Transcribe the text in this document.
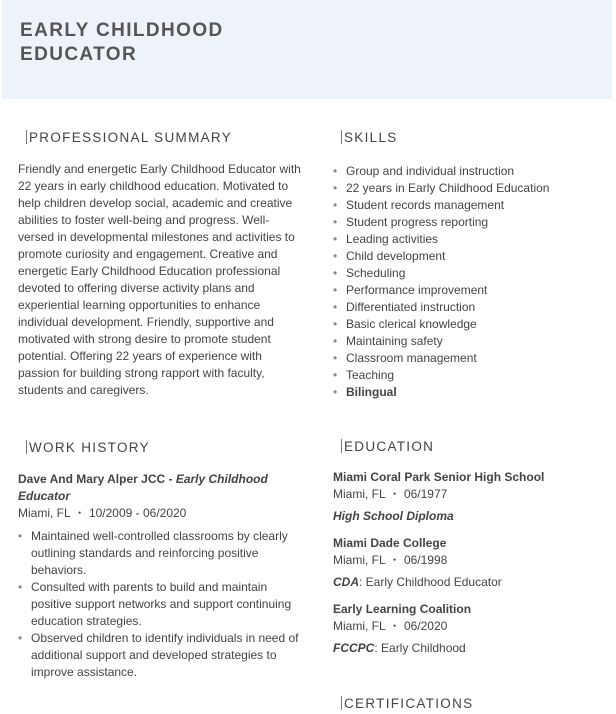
EARLY CHILDHOOD
EDUCATOR
PROFESSIONAL SUMMARY

Friendly and energetic Early Childhood Educator with 22 years in early childhood education. Motivated to help children develop social, academic and creative abilities to foster well-being and progress. Well-versed in developmental milestones and activities to promote curiosity and engagement. Creative and energetic Early Childhood Education professional devoted to offering diverse activity plans and experiential learning opportunities to enhance individual development. Friendly, supportive and motivated with strong desire to promote student potential. Offering 22 years of experience with passion for building strong rapport with faculty, students and caregivers.

WORK HISTORY
Dave And Mary Alper JCC - Early Childhood Educator
Miami, FL ・ 10/2009 - 06/2020
• Maintained well-controlled classrooms by clearly outlining standards and reinforcing positive behaviors.
• Consulted with parents to build and maintain positive support networks and support continuing education strategies.
• Observed children to identify individuals in need of additional support and developed strategies to improve assistance.
SKILLS
• Group and individual instruction
• 22 years in Early Childhood Education
• Student records management
• Student progress reporting
• Leading activities
• Child development
• Scheduling
• Performance improvement
• Differentiated instruction
• Basic clerical knowledge
• Maintaining safety
• Classroom management
• Teaching
• Bilingual
EDUCATION
Miami Coral Park Senior High School
Miami, FL ・ 06/1977
High School Diploma
Miami Dade College
Miami, FL ・ 06/1998
CDA: Early Childhood Educator
Early Learning Coalition
Miami, FL ・ 06/2020
FCCPC: Early Childhood
CERTIFICATIONS
